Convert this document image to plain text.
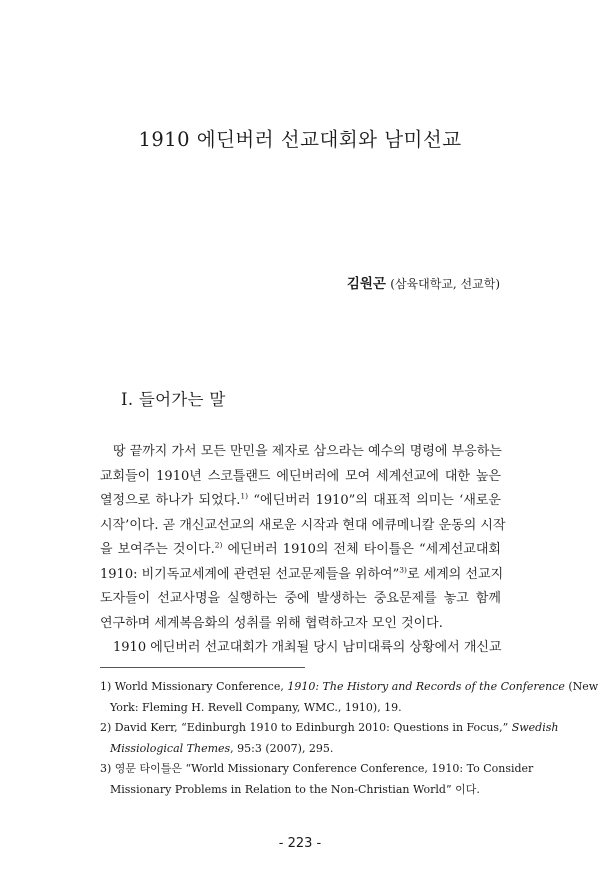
1910 에딘버러 선교대회와 남미선교
김원곤 (삼육대학교, 선교학)
I. 들어가는 말
땅 끝까지 가서 모든 만민을 제자로 삼으라는 예수의 명령에 부응하는
교회들이 1910년 스코틀랜드 에딘버러에 모여 세계선교에 대한 높은
열정으로 하나가 되었다.$^{1)}$ “에딘버러 1910”의 대표적 의미는 ‘새로운
시작’이다. 곧 개신교선교의 새로운 시작과 현대 에큐메니칼 운동의 시작
을 보여주는 것이다.$^{2)}$ 에딘버러 1910의 전체 타이틀은 “세계선교대회
1910: 비기독교세계에 관련된 선교문제들을 위하여”$^{3)}$로 세계의 선교지
도자들이 선교사명을 실행하는 중에 발생하는 중요문제를 놓고 함께
연구하며 세계복음화의 성취를 위해 협력하고자 모인 것이다.
1910 에딘버러 선교대회가 개최될 당시 남미대륙의 상황에서 개신교
1) World Missionary Conference, 1910: The History and Records of the Conference (New
York: Fleming H. Revell Company, WMC., 1910), 19.
2) David Kerr, “Edinburgh 1910 to Edinburgh 2010: Questions in Focus,” Swedish
Missiological Themes, 95:3 (2007), 295.
3) 영문 타이틀은 “World Missionary Conference Conference, 1910: To Consider
Missionary Problems in Relation to the Non-Christian World” 이다.
- 223 -
